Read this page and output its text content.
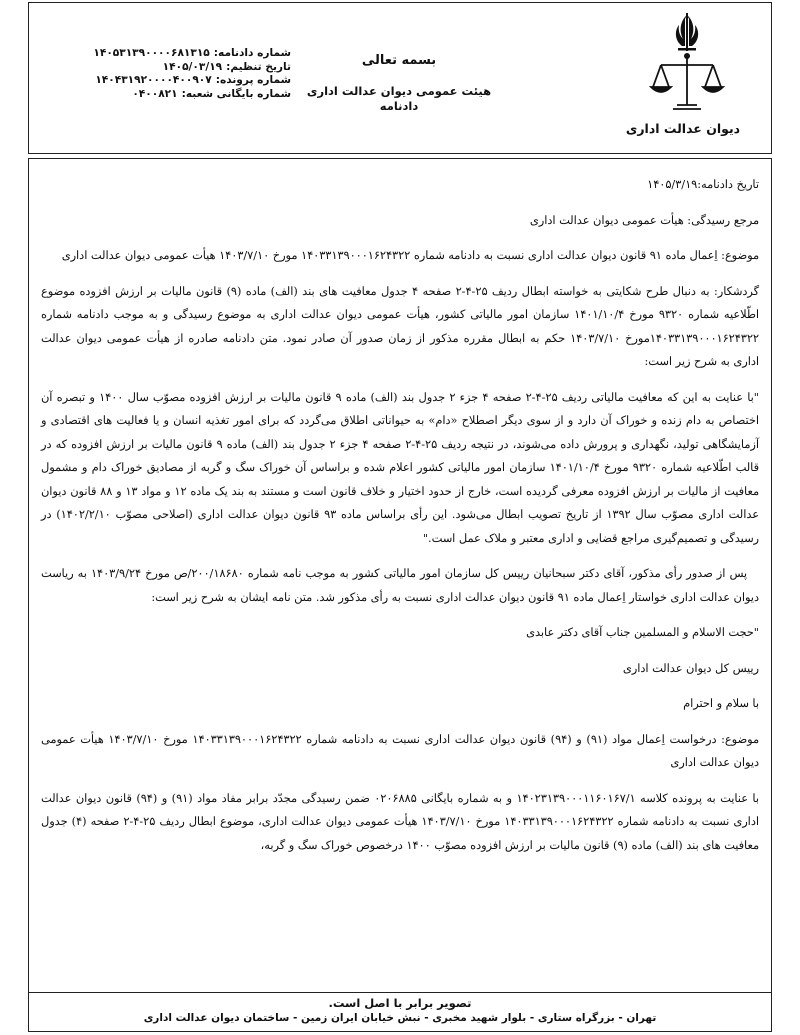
دیوان عدالت اداری
بسمه تعالی
هیئت عمومی دیوان عدالت اداری
دادنامه
شماره دادنامه:
۱۴۰۵۳۱۳۹۰۰۰۰۶۸۱۳۱۵
تاریخ تنظیم:
۱۴۰۵/۰۳/۱۹
شماره پرونده:
۱۴۰۴۳۱۹۲۰۰۰۰۴۰۰۹۰۷
شماره بایگانی شعبه:
۰۴۰۰۸۲۱

تاریخ دادنامه:۱۴۰۵/۳/۱۹

مرجع رسیدگی: هیأت عمومی دیوان عدالت اداری

موضوع: اِعمال ماده ۹۱ قانون دیوان عدالت اداری نسبت به دادنامه شماره ۱۴۰۳۳۱۳۹۰۰۰۱۶۲۴۳۲۲ مورخ ۱۴۰۳/۷/۱۰ هیأت عمومی دیوان عدالت اداری

گردشکار: به دنبال طرح شکایتی به خواسته ابطال ردیف ۲۵-۴-۲ صفحه ۴ جدول معافیت های بند (الف) ماده (۹) قانون مالیات بر ارزش افزوده موضوع اطّلاعیه شماره ۹۳۲۰ مورخ ۱۴۰۱/۱۰/۴ سازمان امور مالیاتی کشور، هیأت عمومی دیوان عدالت اداری به موضوع رسیدگی و به موجب دادنامه شماره ۱۴۰۳۳۱۳۹۰۰۰۱۶۲۴۳۲۲مورخ ۱۴۰۳/۷/۱۰ حکم به ابطال مقرره مذکور از زمان صدور آن صادر نمود. متن دادنامه صادره از هیأت عمومی دیوان عدالت اداری به شرح زیر است:

"با عنایت به این که معافیت مالیاتی ردیف ۲۵-۴-۲ صفحه ۴ جزء ۲ جدول بند (الف) ماده ۹ قانون مالیات بر ارزش افزوده مصوّب سال ۱۴۰۰ و تبصره آن اختصاص به دام زنده و خوراک آن دارد و از سوی دیگر اصطلاح «دام» به حیواناتی اطلاق می‌گردد که برای امور تغذیه انسان و یا فعالیت های اقتصادی و آزمایشگاهی تولید، نگهداری و پرورش داده می‌شوند، در نتیجه ردیف ۲۵-۴-۲ صفحه ۴ جزء ۲ جدول بند (الف) ماده ۹ قانون مالیات بر ارزش افزوده که در قالب اطّلاعیه شماره ۹۳۲۰ مورخ ۱۴۰۱/۱۰/۴ سازمان امور مالیاتی کشور اعلام شده و براساس آن خوراک سگ و گربه از مصادیق خوراک دام و مشمول معافیت از مالیات بر ارزش افزوده معرفی گردیده است، خارج از حدود اختیار و خلاف قانون است و مستند به بند یک ماده ۱۲ و مواد ۱۳ و ۸۸ قانون دیوان عدالت اداری مصوّب سال ۱۳۹۲ از تاریخ تصویب ابطال می‌شود. این رأی براساس ماده ۹۳ قانون دیوان عدالت اداری (اصلاحی مصوّب ۱۴۰۲/۲/۱۰) در رسیدگی و تصمیم‌گیری مراجع قضایی و اداری معتبر و ملاک عمل است."

پس از صدور رأی مذکور، آقای دکتر سبحانیان رییس کل سازمان امور مالیاتی کشور به موجب نامه شماره ۲۰۰/۱۸۶۸۰/ص مورخ ۱۴۰۳/۹/۲۴ به ریاست دیوان عدالت اداری خواستار اِعمال ماده ۹۱ قانون دیوان عدالت اداری نسبت به رأی مذکور شد. متن نامه ایشان به شرح زیر است:

"حجت الاسلام و المسلمین جناب آقای دکتر عابدی

رییس کل دیوان عدالت اداری

با سلام و احترام

موضوع: درخواست اِعمال مواد (۹۱) و (۹۴) قانون دیوان عدالت اداری نسبت به دادنامه شماره ۱۴۰۳۳۱۳۹۰۰۰۱۶۲۴۳۲۲ مورخ ۱۴۰۳/۷/۱۰ هیأت عمومی دیوان عدالت اداری

با عنایت به پرونده کلاسه ۱۴۰۲۳۱۳۹۰۰۰۱۱۶۰۱۶۷/۱ و به شماره بایگانی ۰۲۰۶۸۸۵ ضمن رسیدگی مجدّد برابر مفاد مواد (۹۱) و (۹۴) قانون دیوان عدالت اداری نسبت به دادنامه شماره ۱۴۰۳۳۱۳۹۰۰۰۱۶۲۴۳۲۲ مورخ ۱۴۰۳/۷/۱۰ هیأت عمومی دیوان عدالت اداری، موضوع ابطال ردیف ۲۵-۴-۲ صفحه (۴) جدول معافیت های بند (الف) ماده (۹) قانون مالیات بر ارزش افزوده مصوّب ۱۴۰۰ درخصوص خوراک سگ و گربه،

تصویر برابر با اصل است.
تهران - بزرگراه ستاری - بلوار شهید مخبری - نبش خیابان ایران زمین - ساختمان دیوان عدالت اداری
